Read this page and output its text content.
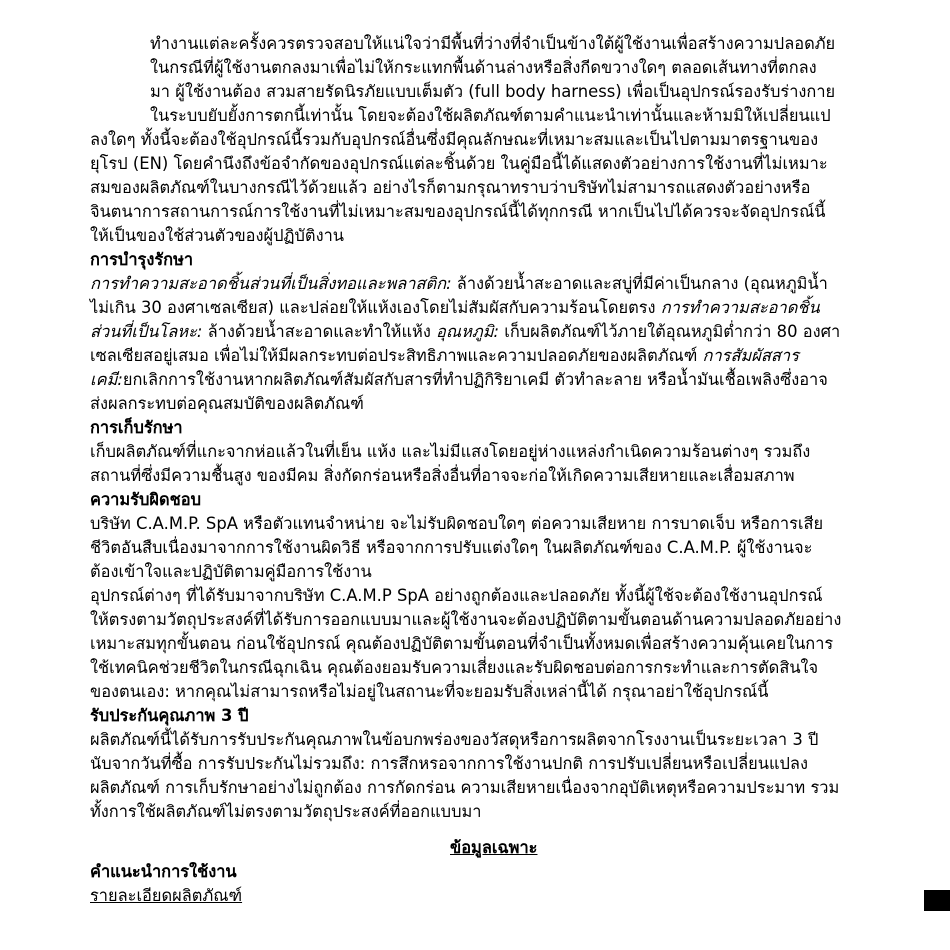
ทำงานแต่ละครั้งควรตรวจสอบให้แน่ใจว่ามีพื้นที่ว่างที่จำเป็นข้างใต้ผู้ใช้งานเพื่อสร้างความปลอดภัย
ในกรณีที่ผู้ใช้งานตกลงมาเพื่อไม่ให้กระแทกพื้นด้านล่างหรือสิ่งกีดขวางใดๆ ตลอดเส้นทางที่ตกลง
มา ผู้ใช้งานต้อง สวมสายรัดนิรภัยแบบเต็มตัว (full body harness) เพื่อเป็นอุปกรณ์รองรับร่างกาย
ในระบบยับยั้งการตกนี้เท่านั้น โดยจะต้องใช้ผลิตภัณฑ์ตามคำแนะนำเท่านั้นและห้ามมิให้เปลี่ยนแป
ลงใดๆ ทั้งนี้จะต้องใช้อุปกรณ์นี้รวมกับอุปกรณ์อื่นซึ่งมีคุณลักษณะที่เหมาะสมและเป็นไปตามมาตรฐานของ
ยุโรป (EN) โดยคำนึงถึงข้อจำกัดของอุปกรณ์แต่ละชิ้นด้วย ในคู่มือนี้ได้แสดงตัวอย่างการใช้งานที่ไม่เหมาะ
สมของผลิตภัณฑ์ในบางกรณีไว้ด้วยแล้ว อย่างไรก็ตามกรุณาทราบว่าบริษัทไม่สามารถแสดงตัวอย่างหรือ
จินตนาการสถานการณ์การใช้งานที่ไม่เหมาะสมของอุปกรณ์นี้ได้ทุกกรณี หากเป็นไปได้ควรจะจัดอุปกรณ์นี้
ให้เป็นของใช้ส่วนตัวของผู้ปฏิบัติงาน
การบำรุงรักษา
การทำความสะอาดชิ้นส่วนที่เป็นสิ่งทอและพลาสติก: ล้างด้วยน้ำสะอาดและสบู่ที่มีค่าเป็นกลาง (อุณหภูมิน้ำ
ไม่เกิน 30 องศาเซลเซียส) และปล่อยให้แห้งเองโดยไม่สัมผัสกับความร้อนโดยตรง การทำความสะอาดชิ้น
ส่วนที่เป็นโลหะ: ล้างด้วยน้ำสะอาดและทำให้แห้ง อุณหภูมิ: เก็บผลิตภัณฑ์ไว้ภายใต้อุณหภูมิต่ำกว่า 80 องศา
เซลเซียสอยู่เสมอ เพื่อไม่ให้มีผลกระทบต่อประสิทธิภาพและความปลอดภัยของผลิตภัณฑ์ การสัมผัสสาร
เคมี:ยกเลิกการใช้งานหากผลิตภัณฑ์สัมผัสกับสารที่ทำปฏิกิริยาเคมี ตัวทำละลาย หรือน้ำมันเชื้อเพลิงซึ่งอาจ
ส่งผลกระทบต่อคุณสมบัติของผลิตภัณฑ์
การเก็บรักษา
เก็บผลิตภัณฑ์ที่แกะจากห่อแล้วในที่เย็น แห้ง และไม่มีแสงโดยอยู่ห่างแหล่งกำเนิดความร้อนต่างๆ รวมถึง
สถานที่ซึ่งมีความชื้นสูง ของมีคม สิ่งกัดกร่อนหรือสิ่งอื่นที่อาจจะก่อให้เกิดความเสียหายและเสื่อมสภาพ
ความรับผิดชอบ
บริษัท C.A.M.P. SpA หรือตัวแทนจำหน่าย จะไม่รับผิดชอบใดๆ ต่อความเสียหาย การบาดเจ็บ หรือการเสีย
ชีวิตอันสืบเนื่องมาจากการใช้งานผิดวิธี หรือจากการปรับแต่งใดๆ ในผลิตภัณฑ์ของ C.A.M.P. ผู้ใช้งานจะ
ต้องเข้าใจและปฏิบัติตามคู่มือการใช้งาน
อุปกรณ์ต่างๆ ที่ได้รับมาจากบริษัท C.A.M.P SpA อย่างถูกต้องและปลอดภัย ทั้งนี้ผู้ใช้จะต้องใช้งานอุปกรณ์
ให้ตรงตามวัตถุประสงค์ที่ได้รับการออกแบบมาและผู้ใช้งานจะต้องปฏิบัติตามขั้นตอนด้านความปลอดภัยอย่าง
เหมาะสมทุกขั้นตอน ก่อนใช้อุปกรณ์ คุณต้องปฏิบัติตามขั้นตอนที่จำเป็นทั้งหมดเพื่อสร้างความคุ้นเคยในการ
ใช้เทคนิคช่วยชีวิตในกรณีฉุกเฉิน คุณต้องยอมรับความเสี่ยงและรับผิดชอบต่อการกระทำและการตัดสินใจ
ของตนเอง: หากคุณไม่สามารถหรือไม่อยู่ในสถานะที่จะยอมรับสิ่งเหล่านี้ได้ กรุณาอย่าใช้อุปกรณ์นี้
รับประกันคุณภาพ 3 ปี
ผลิตภัณฑ์นี้ได้รับการรับประกันคุณภาพในข้อบกพร่องของวัสดุหรือการผลิตจากโรงงานเป็นระยะเวลา 3 ปี
นับจากวันที่ซื้อ การรับประกันไม่รวมถึง: การสึกหรอจากการใช้งานปกติ การปรับเปลี่ยนหรือเปลี่ยนแปลง
ผลิตภัณฑ์ การเก็บรักษาอย่างไม่ถูกต้อง การกัดกร่อน ความเสียหายเนื่องจากอุบัติเหตุหรือความประมาท รวม
ทั้งการใช้ผลิตภัณฑ์ไม่ตรงตามวัตถุประสงค์ที่ออกแบบมา
ข้อมูลเฉพาะ
คำแนะนำการใช้งาน
รายละเอียดผลิตภัณฑ์
